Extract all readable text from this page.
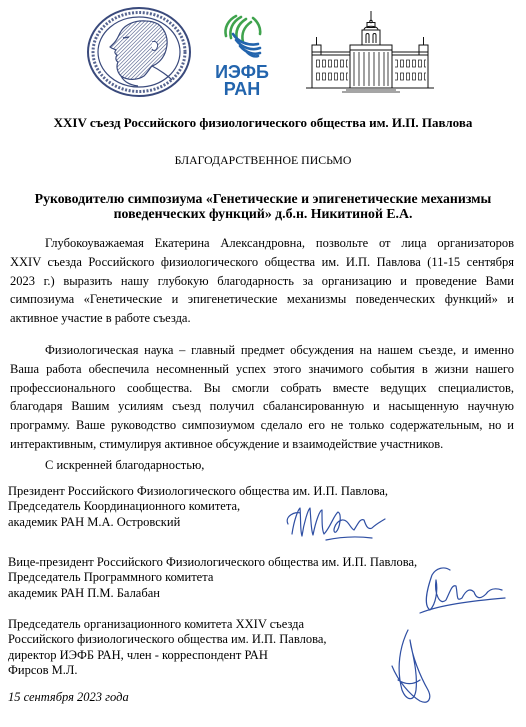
ИЭФБ
РАН
XXIV съезд Российского физиологического общества им. И.П. Павлова
БЛАГОДАРСТВЕННОЕ ПИСЬМО
Руководителю симпозиума «Генетические и эпигенетические механизмы
поведенческих функций» д.б.н. Никитиной Е.А.
Глубокоуважаемая Екатерина Александровна, позвольте от лица организаторов
XXIV съезда Российского физиологического общества им. И.П. Павлова (11-15 сентября
2023 г.) выразить нашу глубокую благодарность за организацию и проведение Вами
симпозиума «Генетические и эпигенетические механизмы поведенческих функций» и
активное участие в работе съезда.
Физиологическая наука – главный предмет обсуждения на нашем съезде, и именно
Ваша работа обеспечила несомненный успех этого значимого события в жизни нашего
профессионального сообщества. Вы смогли собрать вместе ведущих специалистов,
благодаря Вашим усилиям съезд получил сбалансированную и насыщенную научную
программу. Ваше руководство симпозиумом сделало его не только содержательным, но и
интерактивным, стимулируя активное обсуждение и взаимодействие участников.
С искренней благодарностью,
Президент Российского Физиологического общества им. И.П. Павлова,
Председатель Координационного комитета,
академик РАН М.А. Островский
Вице-президент Российского Физиологического общества им. И.П. Павлова,
Председатель Программного комитета
академик РАН П.М. Балабан
Председатель организационного комитета XXIV съезда
Российского физиологического общества им. И.П. Павлова,
директор ИЭФБ РАН, член - корреспондент РАН
Фирсов М.Л.
15 сентября 2023 года
